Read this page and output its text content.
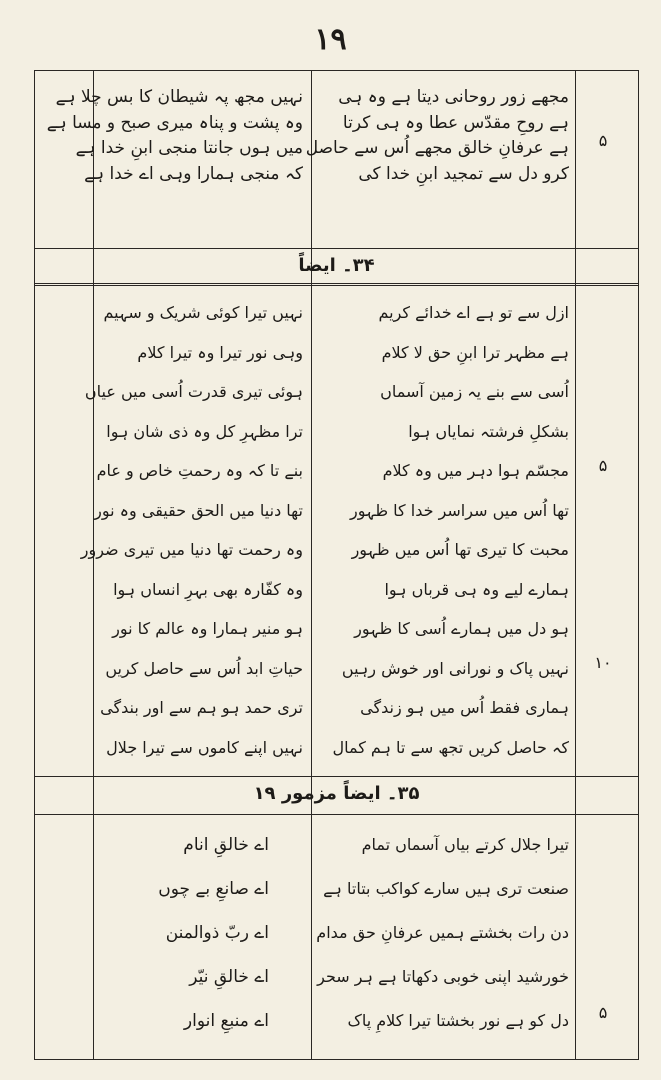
۱۹
مجھے زور روحانی دیتا ہے وہ ہی
ہے روحِ مقدّس عطا وہ ہی کرتا
ہے عرفانِ خالق مجھے اُس سے حاصل
کرو دل سے تمجید ابنِ خدا کی
نہیں مجھ پہ شیطان کا بس چلا ہے
وہ پشت و پناہ میری صبح و مسا ہے
میں ہوں جانتا منجی ابنِ خدا ہے
کہ منجی ہمارا وہی اے خدا ہے
۵
۳۴۔ ایضاً
ازل سے تو ہے اے خدائے کریم
ہے مظہر ترا ابنِ حق لا کلام
اُسی سے بنے یہ زمین آسماں
بشکلِ فرشتہ نمایاں ہوا
مجسّم ہوا دہر میں وہ کلام
تھا اُس میں سراسر خدا کا ظہور
محبت کا تیری تھا اُس میں ظہور
ہمارے لیے وہ ہی قرباں ہوا
ہو دل میں ہمارے اُسی کا ظہور
نہیں پاک و نورانی اور خوش رہیں
ہماری فقط اُس میں ہو زندگی
کہ حاصل کریں تجھ سے تا ہم کمال
نہیں تیرا کوئی شریک و سہیم
وہی نور تیرا وہ تیرا کلام
ہوئی تیری قدرت اُسی میں عیاں
ترا مظہرِ کل وہ ذی شان ہوا
بنے تا کہ وہ رحمتِ خاص و عام
تھا دنیا میں الحق حقیقی وہ نور
وہ رحمت تھا دنیا میں تیری ضرور
وہ کفّارہ بھی بہرِ انساں ہوا
ہو منیر ہمارا وہ عالم کا نور
حیاتِ ابد اُس سے حاصل کریں
تری حمد ہو ہم سے اور بندگی
نہیں اپنے کاموں سے تیرا جلال
۵
۱۰
۳۵۔ ایضاً مزمور ۱۹
تیرا جلال کرتے بیاں آسماں تمام
صنعت تری ہیں سارے کواکب بتاتا ہے
دن رات بخشتے ہمیں عرفانِ حق مدام
خورشید اپنی خوبی دکھاتا ہے ہر سحر
دل کو ہے نور بخشتا تیرا کلامِ پاک
اے خالقِ انام
اے صانعِ بے چوں
اے ربّ ذوالمنن
اے خالقِ نیّر
اے منبعِ انوار	۵
